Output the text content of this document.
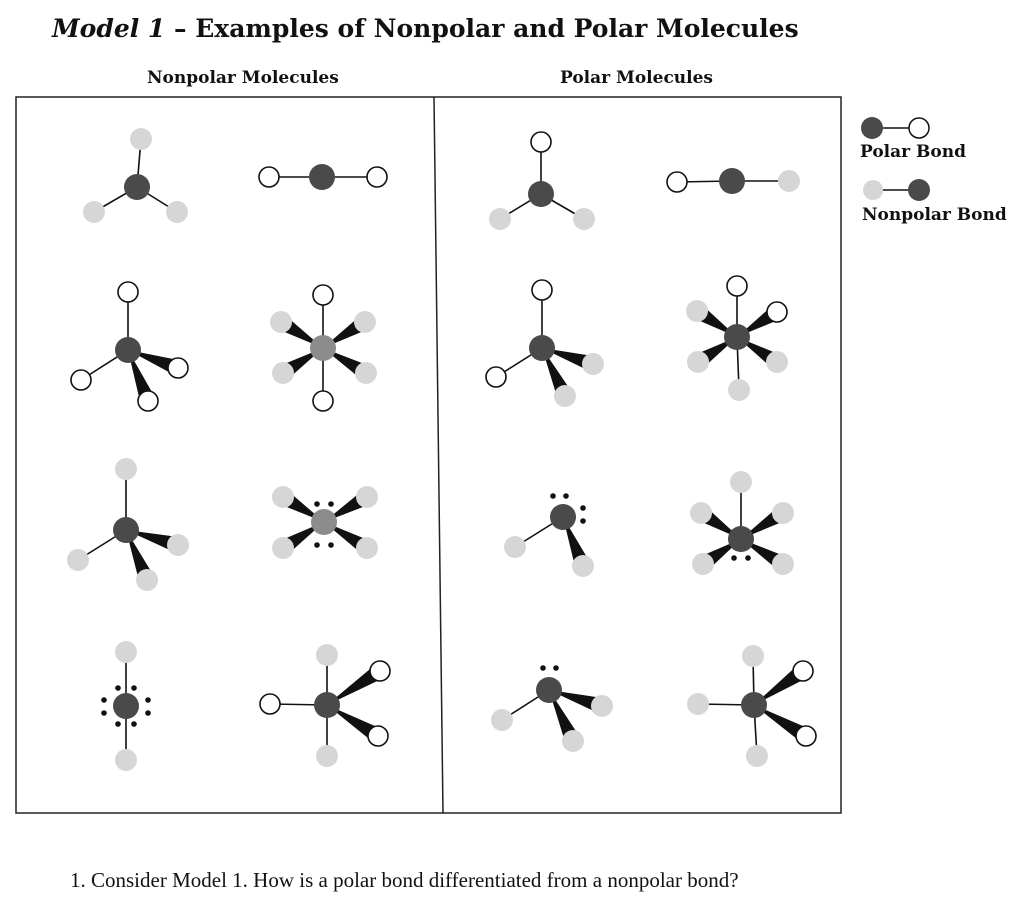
Model 1 – Examples of Nonpolar and Polar Molecules
Nonpolar Molecules	Polar Molecules
Polar Bond
Nonpolar Bond
1. Consider Model 1. How is a polar bond differentiated from a nonpolar bond?
